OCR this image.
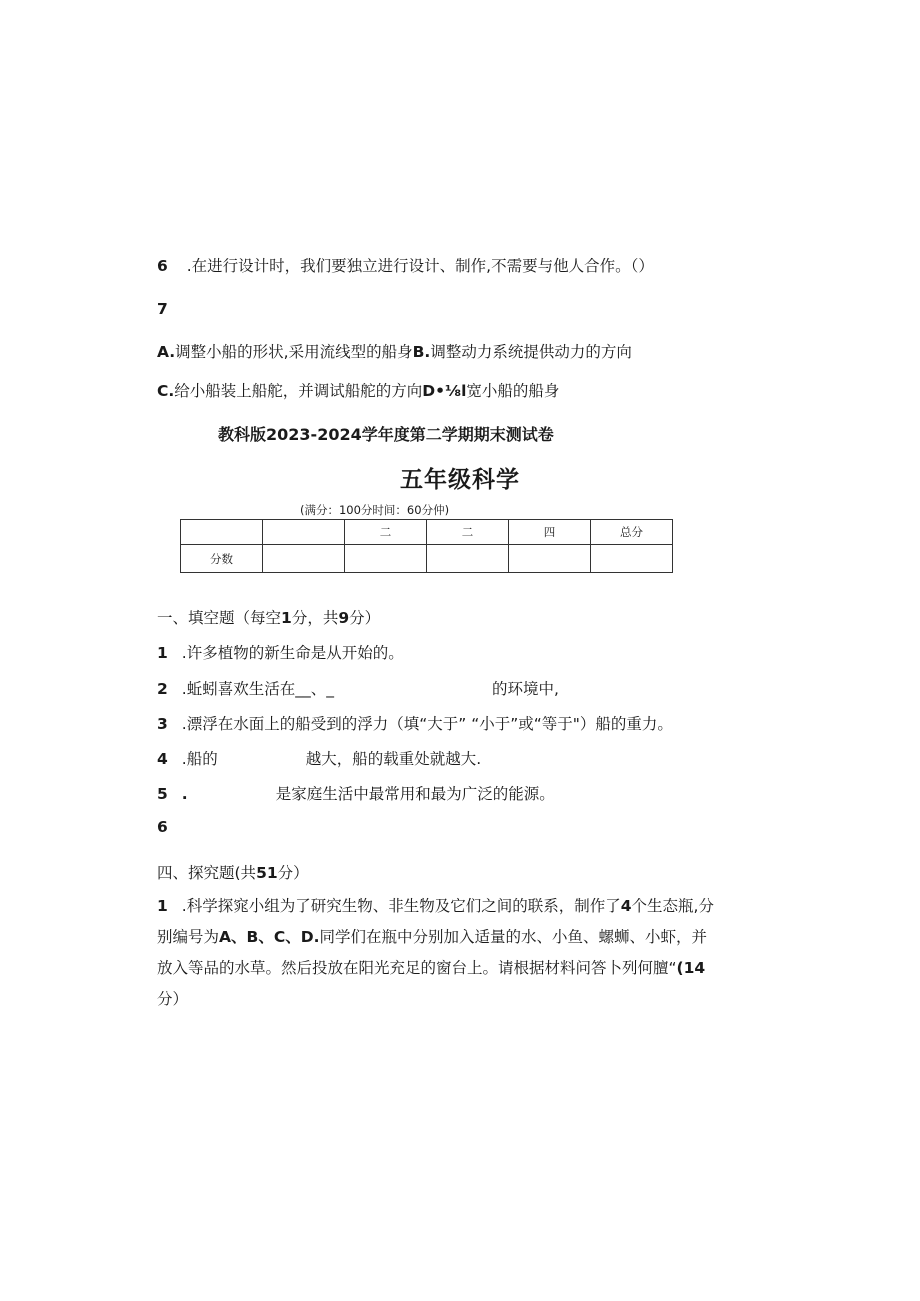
6 .在进行设计时，我们要独立进行设计、制作,不需要与他人合作。（）
7
A.调整小船的形状,采用流线型的船身B.调整动力系统提供动力的方向
C.给小船装上船舵，并调试船舵的方向D•⅛l宽小船的船身
教科版2023-2024学年度第二学期期末测试卷
五年级科学
(满分：100分时间：60分仲)
		二	二	四	总分
分数					
一、填空题（每空1分，共9分）
1 .许多植物的新生命是从开始的。
2 .蚯蚓喜欢生活在__、_	的环境中,
3 .漂浮在水面上的船受到的浮力（填“大于” “小于”或“等于"）船的重力。
4 .船的	越大，船的载重处就越大.
5 .	是家庭生活中最常用和最为广泛的能源。
6
四、探究题(共51分）
1 .科学探窕小组为了研究生物、非生物及它们之间的联系，制作了4个生态瓶,分别编号为A、B、C、D.同学们在瓶中分别加入适量的水、小鱼、螺蛳、小虾，并放入等品的水草。然后投放在阳光充足的窗台上。请根据材料问答卜列何膻“(14
分）
